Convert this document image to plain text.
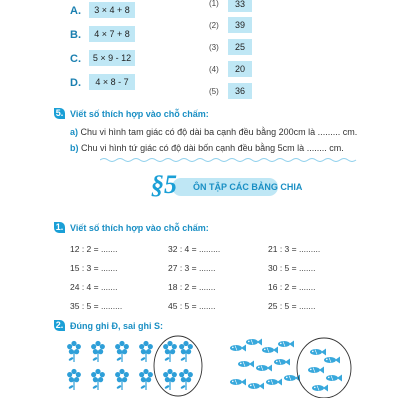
A.	3 × 4 + 8
B.	4 × 7 + 8
C.	5 × 9 - 12
D.	4 × 8 - 7
(1)	33
(2)	39
(3)	25
(4)	20
(5)	36
5. Viết số thích hợp vào chỗ chấm:
a) Chu vi hình tam giác có độ dài ba cạnh đều bằng 200cm là ......... cm.
b) Chu vi hình tứ giác có độ dài bốn cạnh đều bằng 5cm là ........ cm.
§5 ÔN TẬP CÁC BẢNG CHIA
1. Viết số thích hợp vào chỗ chấm:
12 : 2 = .......	32 : 4 = .........	21 : 3 = .........
15 : 3 = .......	27 : 3 = .......	30 : 5 = .......
24 : 4 = .......	18 : 2 = .......	16 : 2 = .......
35 : 5 = .........	45 : 5 = .......	25 : 5 = .......
2. Đúng ghi Đ, sai ghi S:
